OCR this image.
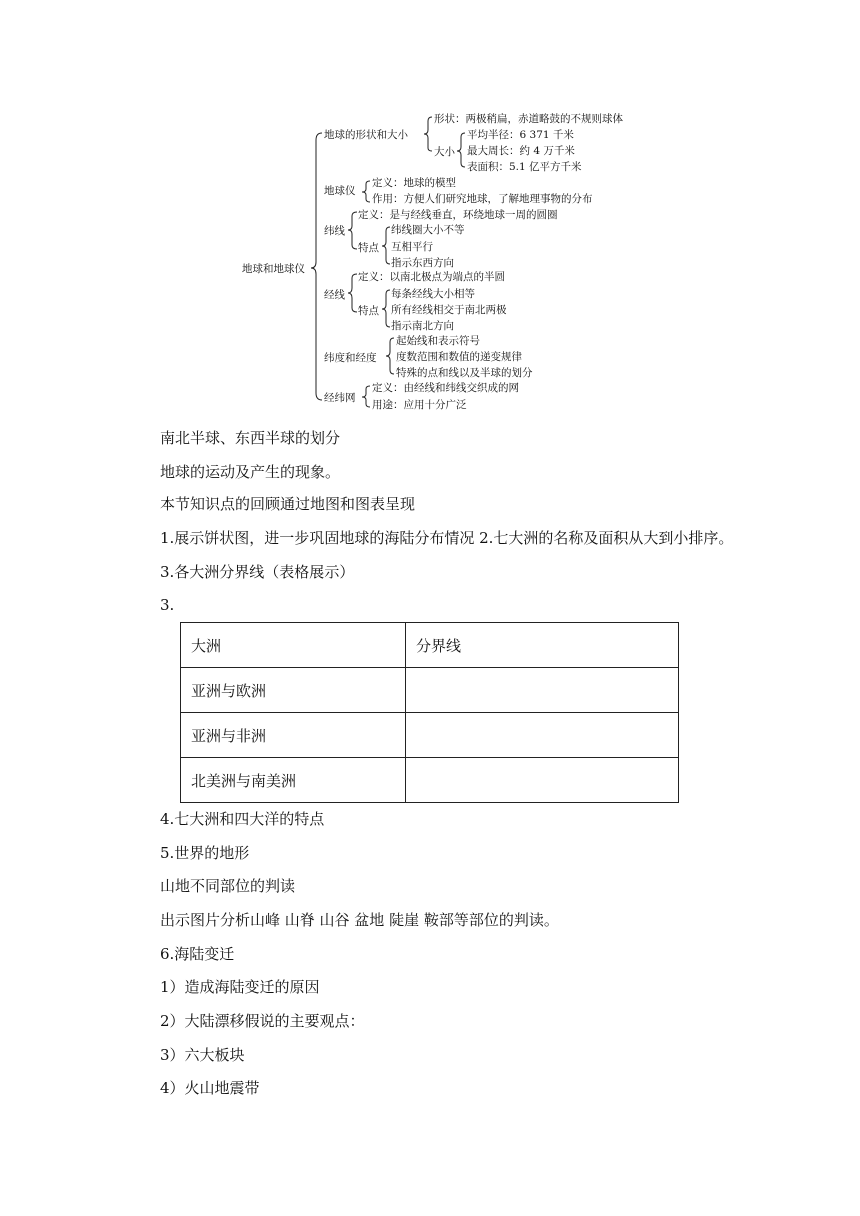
地球和地球仪
地球的形状和大小
形状：两极稍扁，赤道略鼓的不规则球体
大小
平均半径：6 371 千米
最大周长：约 4 万千米
表面积：5.1 亿平方千米
地球仪
定义：地球的模型
作用：方便人们研究地球，了解地理事物的分布
纬线
定义：是与经线垂直，环绕地球一周的圆圈
特点
纬线圈大小不等
互相平行
指示东西方向
经线
定义：以南北极点为端点的半圆
特点
每条经线大小相等
所有经线相交于南北两极
指示南北方向
纬度和经度
起始线和表示符号
度数范围和数值的递变规律
特殊的点和线以及半球的划分
经纬网
定义：由经线和纬线交织成的网
用途：应用十分广泛
南北半球、东西半球的划分
地球的运动及产生的现象。
本节知识点的回顾通过地图和图表呈现
1.展示饼状图，进一步巩固地球的海陆分布情况 2.七大洲的名称及面积从大到小排序。
3.各大洲分界线（表格展示）
3.
大洲	分界线
亚洲与欧洲	
亚洲与非洲	
北美洲与南美洲	
4.七大洲和四大洋的特点
5.世界的地形
山地不同部位的判读
出示图片分析山峰 山脊 山谷 盆地 陡崖 鞍部等部位的判读。
6.海陆变迁
1）造成海陆变迁的原因
2）大陆漂移假说的主要观点：
3）六大板块
4）火山地震带
